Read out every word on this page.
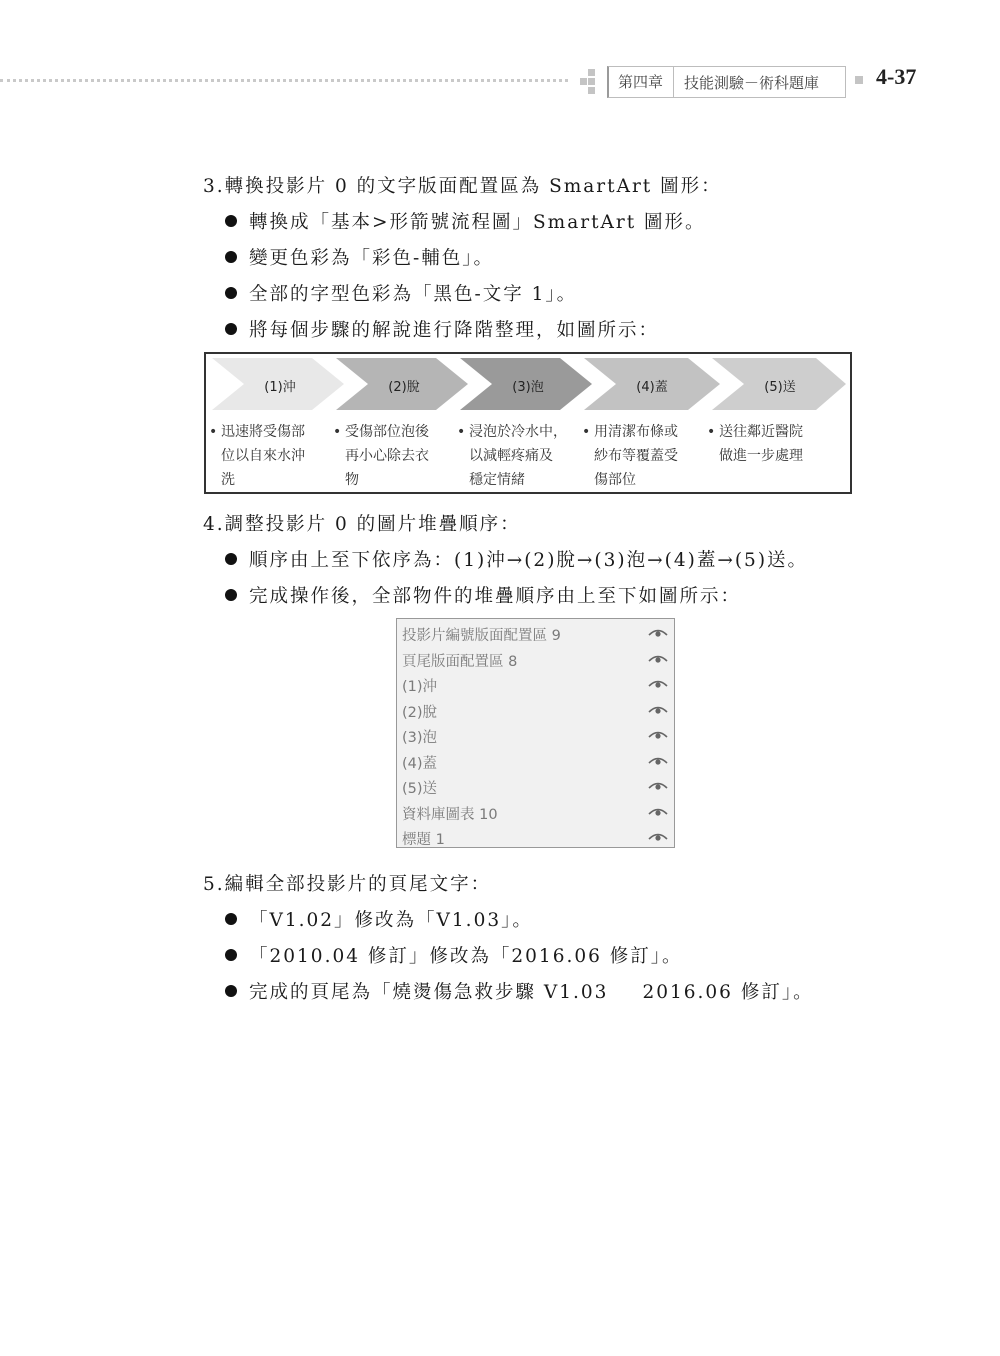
第四章	技能測驗－術科題庫	4-37
3.轉換投影片 0 的文字版面配置區為 SmartArt 圖形：
轉換成「基本>形箭號流程圖」SmartArt 圖形。
變更色彩為「彩色-輔色」。
全部的字型色彩為「黑色-文字 1」。
將每個步驟的解說進行降階整理，如圖所示：
(1)沖	(2)脫	(3)泡	(4)蓋	(5)送
• 迅速將受傷部
位以自來水沖
洗
• 受傷部位泡後
再小心除去衣
物
• 浸泡於冷水中，
以減輕疼痛及
穩定情緒
• 用清潔布條或
紗布等覆蓋受
傷部位
• 送往鄰近醫院
做進一步處理
4.調整投影片 0 的圖片堆疊順序：
順序由上至下依序為：(1)沖→(2)脫→(3)泡→(4)蓋→(5)送。
完成操作後，全部物件的堆疊順序由上至下如圖所示：
投影片編號版面配置區 9
頁尾版面配置區 8
(1)沖
(2)脫
(3)泡
(4)蓋
(5)送
資料庫圖表 10
標題 1
5.編輯全部投影片的頁尾文字：
「V1.02」修改為「V1.03」。
「2010.04 修訂」修改為「2016.06 修訂」。
完成的頁尾為「燒燙傷急救步驟 V1.03 2016.06 修訂」。
